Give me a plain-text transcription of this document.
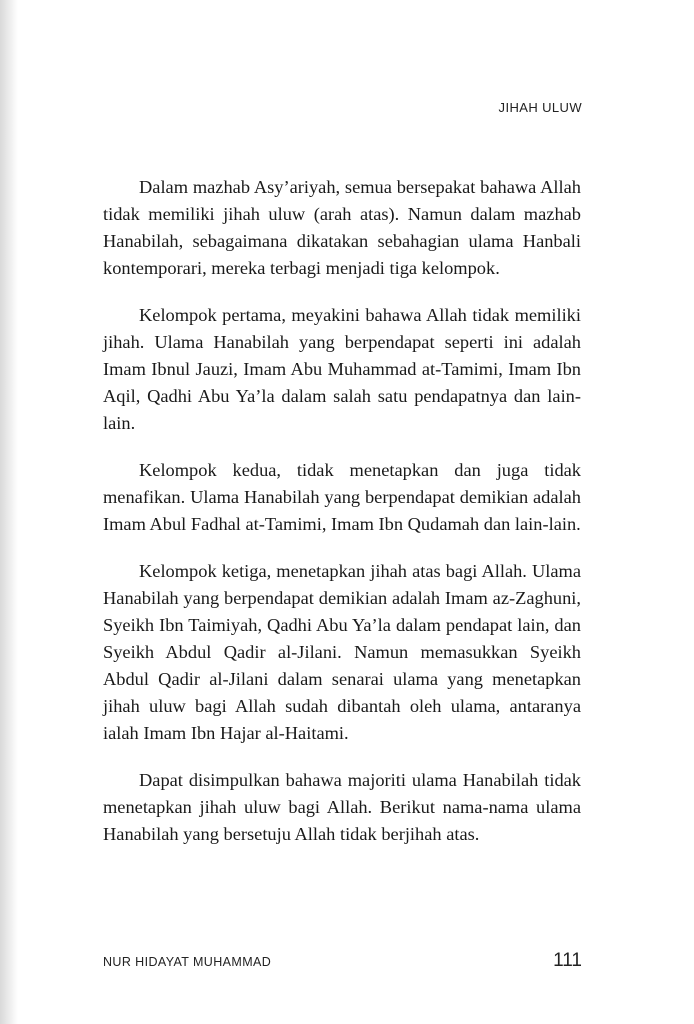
JIHAH ULUW

Dalam mazhab Asy’ariyah, semua bersepakat bahawa Allah tidak memiliki jihah uluw (arah atas). Namun dalam mazhab Hanabilah, sebagaimana dikatakan sebahagian ulama Hanbali kontemporari, mereka terbagi menjadi tiga kelompok.

Kelompok pertama, meyakini bahawa Allah tidak memiliki jihah. Ulama Hanabilah yang berpendapat seperti ini adalah Imam Ibnul Jauzi, Imam Abu Muhammad at-Tamimi, Imam Ibn Aqil, Qadhi Abu Ya’la dalam salah satu pendapatnya dan lain-lain.

Kelompok kedua, tidak menetapkan dan juga tidak menafikan. Ulama Hanabilah yang berpendapat demikian adalah Imam Abul Fadhal at-Tamimi, Imam Ibn Qudamah dan lain-lain.

Kelompok ketiga, menetapkan jihah atas bagi Allah. Ulama Hanabilah yang berpendapat demikian adalah Imam az-Zaghuni, Syeikh Ibn Taimiyah, Qadhi Abu Ya’la dalam pendapat lain, dan Syeikh Abdul Qadir al-Jilani. Namun memasukkan Syeikh Abdul Qadir al-Jilani dalam senarai ulama yang menetapkan jihah uluw bagi Allah sudah dibantah oleh ulama, antaranya ialah Imam Ibn Hajar al-Haitami.

Dapat disimpulkan bahawa majoriti ulama Hanabilah tidak menetapkan jihah uluw bagi Allah. Berikut nama-nama ulama Hanabilah yang bersetuju Allah tidak berjihah atas.

NUR HIDAYAT MUHAMMAD	111
